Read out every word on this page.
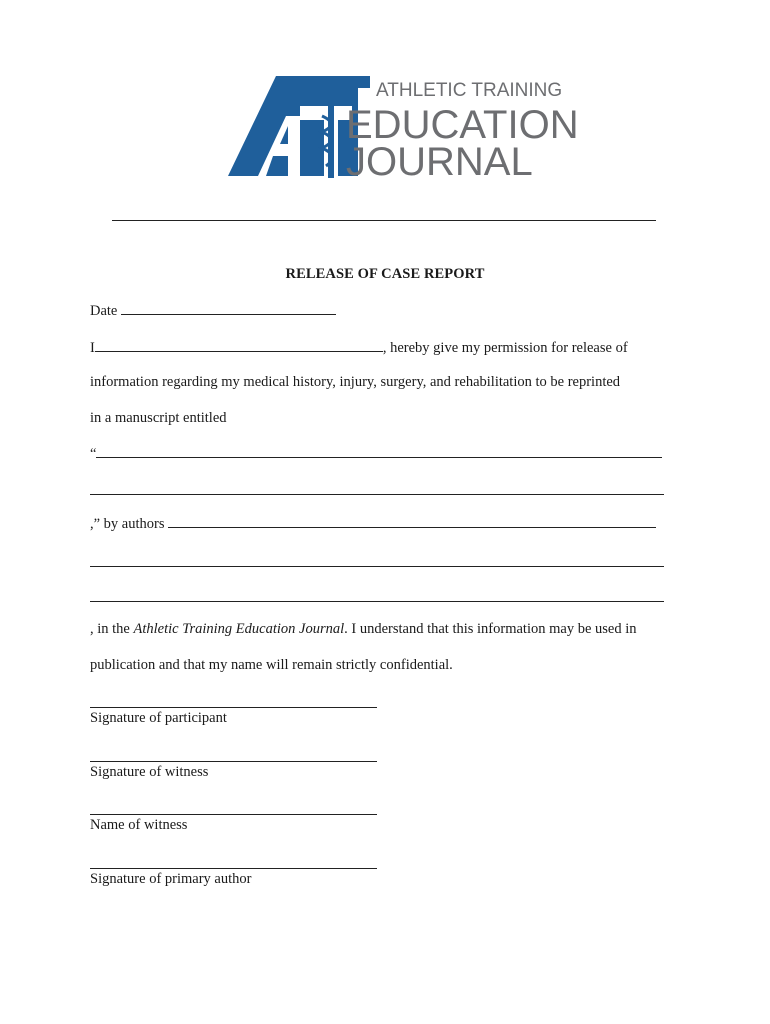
ATHLETIC TRAINING
EDUCATION
JOURNAL
RELEASE OF CASE REPORT
Date
I	, hereby give my permission for release of
information regarding my medical history, injury, surgery, and rehabilitation to be reprinted
in a manuscript entitled
“
,” by authors
, in the Athletic Training Education Journal. I understand that this information may be used in
publication and that my name will remain strictly confidential.
Signature of participant
Signature of witness
Name of witness
Signature of primary author
